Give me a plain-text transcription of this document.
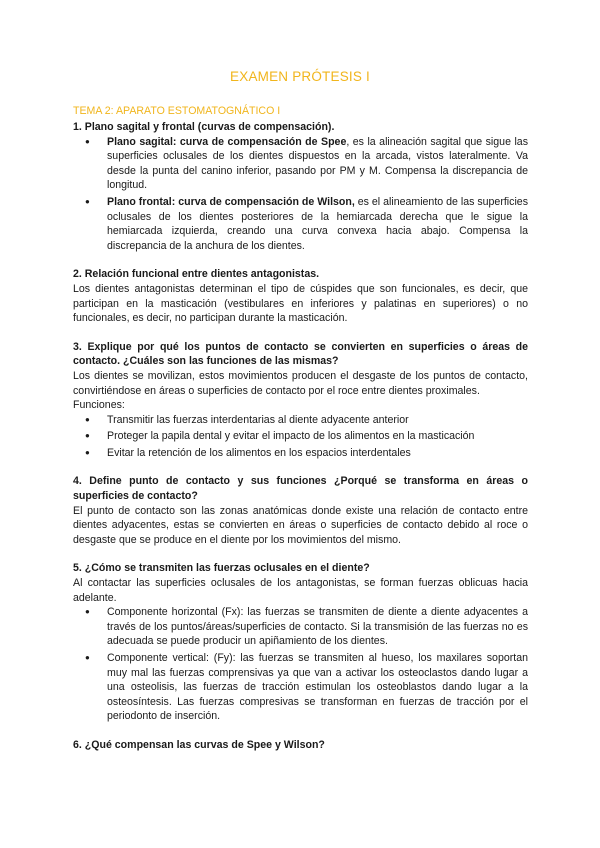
EXAMEN PRÓTESIS I
TEMA 2: APARATO ESTOMATOGNÁTICO I

1. Plano sagital y frontal (curvas de compensación).

● Plano sagital: curva de compensación de Spee, es la alineación sagital que sigue las superficies oclusales de los dientes dispuestos en la arcada, vistos lateralmente. Va desde la punta del canino inferior, pasando por PM y M. Compensa la discrepancia de longitud.
● Plano frontal: curva de compensación de Wilson, es el alineamiento de las superficies oclusales de los dientes posteriores de la hemiarcada derecha que le sigue la hemiarcada izquierda, creando una curva convexa hacia abajo. Compensa la discrepancia de la anchura de los dientes.

2. Relación funcional entre dientes antagonistas.

Los dientes antagonistas determinan el tipo de cúspides que son funcionales, es decir, que participan en la masticación (vestibulares en inferiores y palatinas en superiores) o no funcionales, es decir, no participan durante la masticación.

3. Explique por qué los puntos de contacto se convierten en superficies o áreas de contacto. ¿Cuáles son las funciones de las mismas?

Los dientes se movilizan, estos movimientos producen el desgaste de los puntos de contacto, convirtiéndose en áreas o superficies de contacto por el roce entre dientes proximales.

Funciones:

● Transmitir las fuerzas interdentarias al diente adyacente anterior
● Proteger la papila dental y evitar el impacto de los alimentos en la masticación
● Evitar la retención de los alimentos en los espacios interdentales

4. Define punto de contacto y sus funciones ¿Porqué se transforma en áreas o superficies de contacto?

El punto de contacto son las zonas anatómicas donde existe una relación de contacto entre dientes adyacentes, estas se convierten en áreas o superficies de contacto debido al roce o desgaste que se produce en el diente por los movimientos del mismo.

5. ¿Cómo se transmiten las fuerzas oclusales en el diente?

Al contactar las superficies oclusales de los antagonistas, se forman fuerzas oblicuas hacia adelante.

● Componente horizontal (Fx): las fuerzas se transmiten de diente a diente adyacentes a través de los puntos/áreas/superficies de contacto. Si la transmisión de las fuerzas no es adecuada se puede producir un apiñamiento de los dientes.
● Componente vertical: (Fy): las fuerzas se transmiten al hueso, los maxilares soportan muy mal las fuerzas comprensivas ya que van a activar los osteoclastos dando lugar a una osteolisis, las fuerzas de tracción estimulan los osteoblastos dando lugar a la osteosíntesis. Las fuerzas compresivas se transforman en fuerzas de tracción por el periodonto de inserción.

6. ¿Qué compensan las curvas de Spee y Wilson?
